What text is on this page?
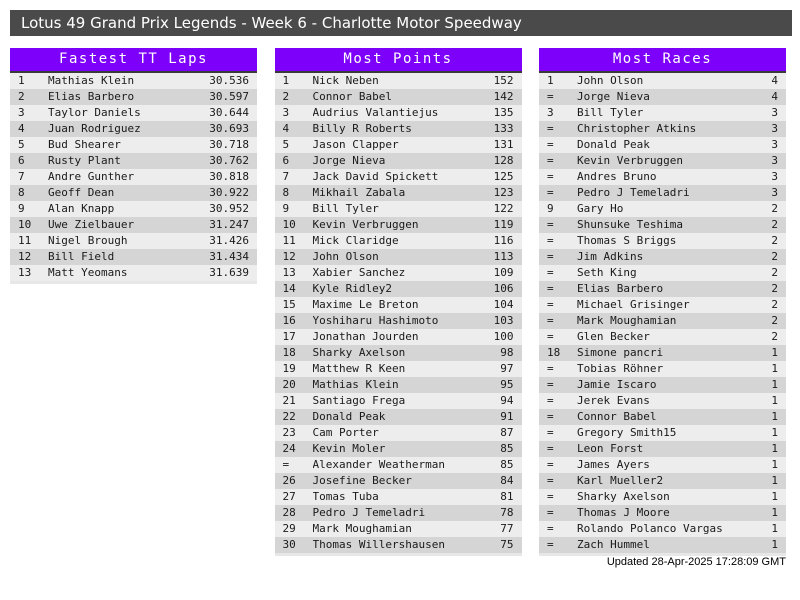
Lotus 49 Grand Prix Legends - Week 6 - Charlotte Motor Speedway
Fastest TT Laps
1	Mathias Klein	30.536
2	Elias Barbero	30.597
3	Taylor Daniels	30.644
4	Juan Rodriguez	30.693
5	Bud Shearer	30.718
6	Rusty Plant	30.762
7	Andre Gunther	30.818
8	Geoff Dean	30.922
9	Alan Knapp	30.952
10	Uwe Zielbauer	31.247
11	Nigel Brough	31.426
12	Bill Field	31.434
13	Matt Yeomans	31.639
Most Points
1	Nick Neben	152
2	Connor Babel	142
3	Audrius Valantiejus	135
4	Billy R Roberts	133
5	Jason Clapper	131
6	Jorge Nieva	128
7	Jack David Spickett	125
8	Mikhail Zabala	123
9	Bill Tyler	122
10	Kevin Verbruggen	119
11	Mick Claridge	116
12	John Olson	113
13	Xabier Sanchez	109
14	Kyle Ridley2	106
15	Maxime Le Breton	104
16	Yoshiharu Hashimoto	103
17	Jonathan Jourden	100
18	Sharky Axelson	98
19	Matthew R Keen	97
20	Mathias Klein	95
21	Santiago Frega	94
22	Donald Peak	91
23	Cam Porter	87
24	Kevin Moler	85
=	Alexander Weatherman	85
26	Josefine Becker	84
27	Tomas Tuba	81
28	Pedro J Temeladri	78
29	Mark Moughamian	77
30	Thomas Willershausen	75
Most Races
1	John Olson	4
=	Jorge Nieva	4
3	Bill Tyler	3
=	Christopher Atkins	3
=	Donald Peak	3
=	Kevin Verbruggen	3
=	Andres Bruno	3
=	Pedro J Temeladri	3
9	Gary Ho	2
=	Shunsuke Teshima	2
=	Thomas S Briggs	2
=	Jim Adkins	2
=	Seth King	2
=	Elias Barbero	2
=	Michael Grisinger	2
=	Mark Moughamian	2
=	Glen Becker	2
18	Simone pancri	1
=	Tobias Röhner	1
=	Jamie Iscaro	1
=	Jerek Evans	1
=	Connor Babel	1
=	Gregory Smith15	1
=	Leon Forst	1
=	James Ayers	1
=	Karl Mueller2	1
=	Sharky Axelson	1
=	Thomas J Moore	1
=	Rolando Polanco Vargas	1
=	Zach Hummel	1
Updated 28-Apr-2025 17:28:09 GMT
